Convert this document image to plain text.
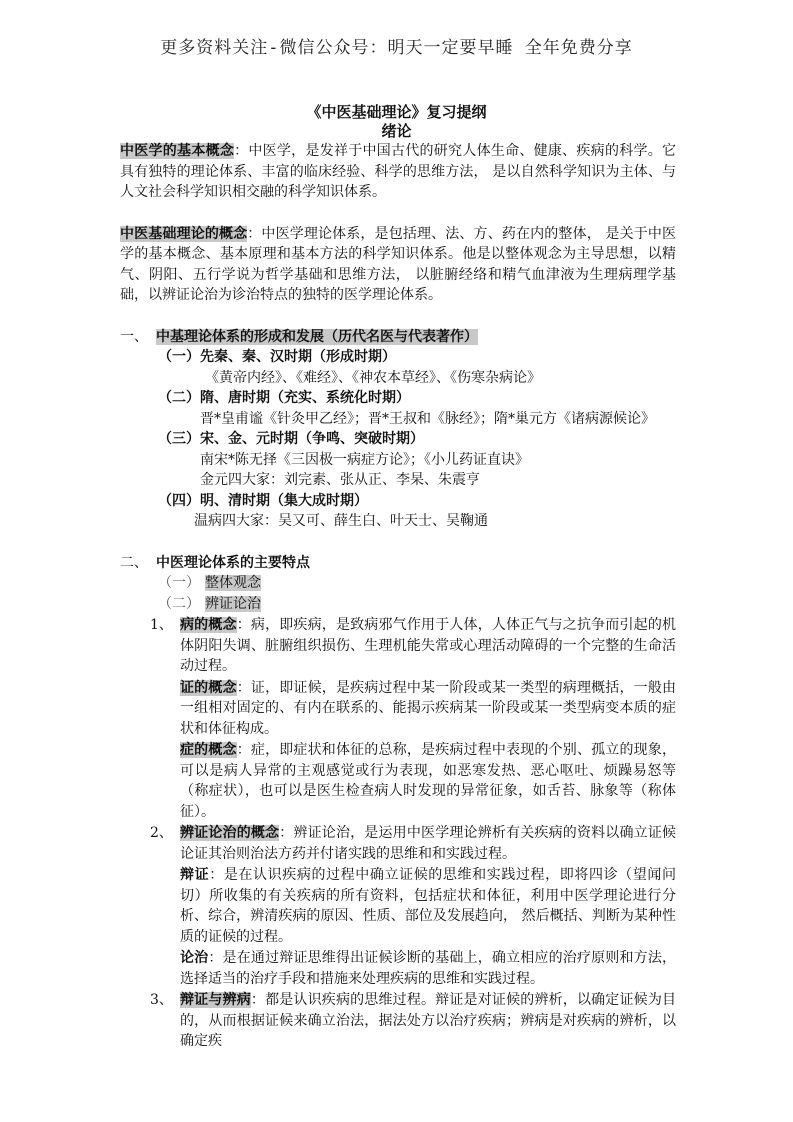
更多资料关注-微信公众号：明天一定要早睡 全年免费分享
《中医基础理论》复习提纲
绪论
中医学的基本概念：中医学，是发祥于中国古代的研究人体生命、健康、疾病的科学。它具有独特的理论体系、丰富的临床经验、科学的思维方法， 是以自然科学知识为主体、与人文社会科学知识相交融的科学知识体系。
中医基础理论的概念：中医学理论体系，是包括理、法、方、药在内的整体， 是关于中医学的基本概念、基本原理和基本方法的科学知识体系。他是以整体观念为主导思想，以精气、阴阳、五行学说为哲学基础和思维方法， 以脏腑经络和精气血津液为生理病理学基础，以辨证论治为诊治特点的独特的医学理论体系。
一、 中基理论体系的形成和发展（历代名医与代表著作）
（一）先秦、秦、汉时期（形成时期）
《黄帝内经》、《难经》、《神农本草经》、《伤寒杂病论》
（二）隋、唐时期（充实、系统化时期）
晋*皇甫谧《针灸甲乙经》；晋*王叔和《脉经》；隋*巢元方《诸病源候论》
（三）宋、金、元时期（争鸣、突破时期）
南宋*陈无择《三因极一病症方论》；《小儿药证直诀》
金元四大家：刘完素、张从正、李杲、朱震亨
（四）明、清时期（集大成时期）
温病四大家：吴又可、薛生白、叶天士、吴鞠通
二、 中医理论体系的主要特点
（一） 整体观念
（二） 辨证论治
1、 病的概念：病，即疾病，是致病邪气作用于人体，人体正气与之抗争而引起的机体阴阳失调、脏腑组织损伤、生理机能失常或心理活动障碍的一个完整的生命活动过程。
证的概念：证，即证候，是疾病过程中某一阶段或某一类型的病理概括，一般由一组相对固定的、有内在联系的、能揭示疾病某一阶段或某一类型病变本质的症状和体征构成。
症的概念：症，即症状和体征的总称，是疾病过程中表现的个别、孤立的现象， 可以是病人异常的主观感觉或行为表现，如恶寒发热、恶心呕吐、烦躁易怒等（称症状），也可以是医生检查病人时发现的异常征象，如舌苔、脉象等（称体征）。
2、 辨证论治的概念：辨证论治，是运用中医学理论辨析有关疾病的资料以确立证候论证其治则治法方药并付诸实践的思维和和实践过程。
辩证：是在认识疾病的过程中确立证候的思维和实践过程，即将四诊（望闻问切）所收集的有关疾病的所有资料，包括症状和体征，利用中医学理论进行分析、综合，辨清疾病的原因、性质、部位及发展趋向， 然后概括、判断为某种性质的证候的过程。
论治：是在通过辩证思维得出证候诊断的基础上，确立相应的治疗原则和方法，选择适当的治疗手段和措施来处理疾病的思维和实践过程。
3、 辩证与辨病：都是认识疾病的思维过程。辩证是对证候的辨析，以确定证候为目的，从而根据证候来确立治法，据法处方以治疗疾病；辨病是对疾病的辨析，以确定疾
